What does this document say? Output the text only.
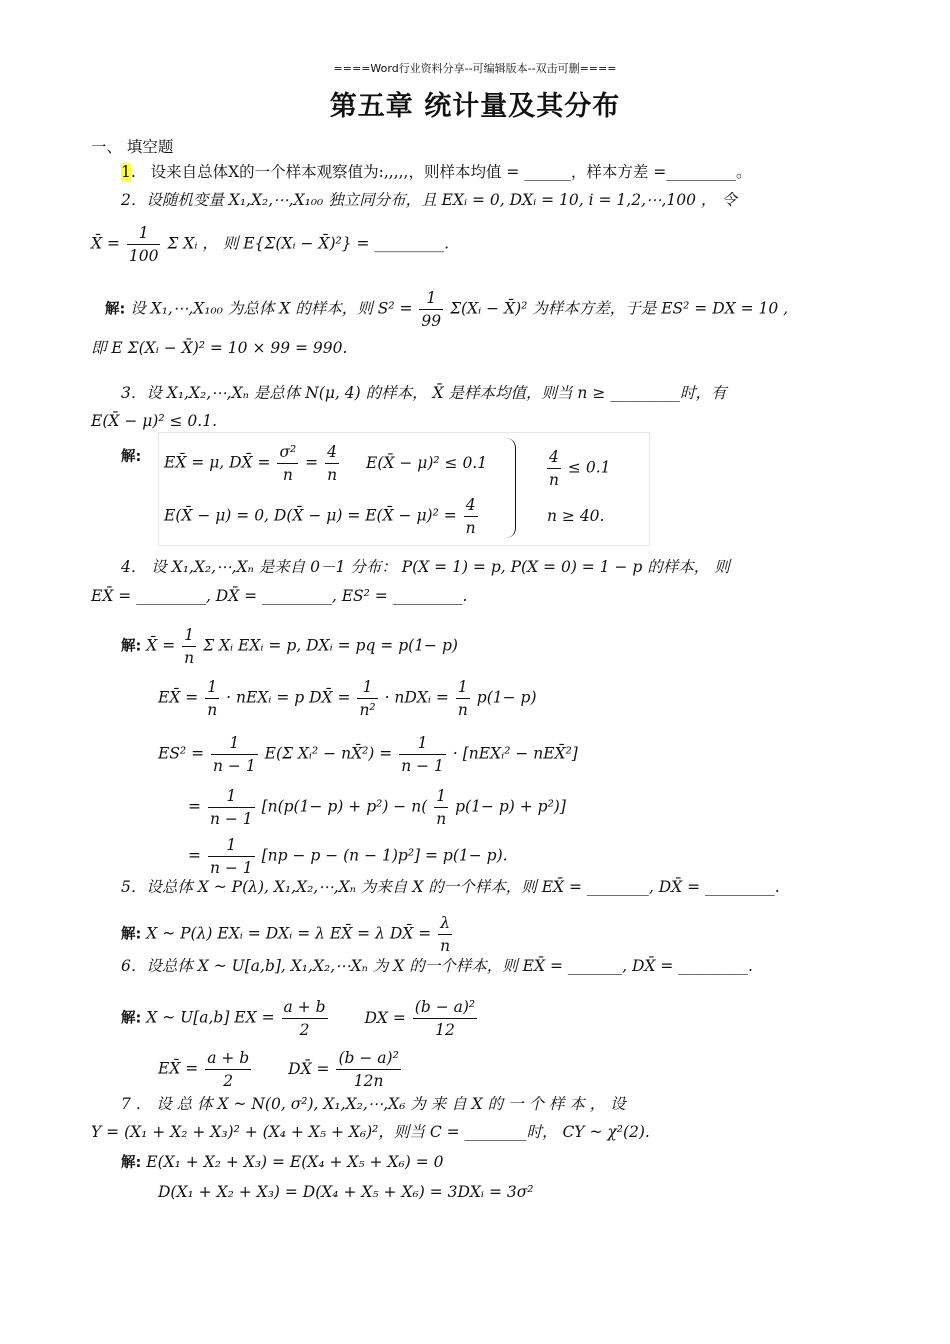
====Word行业资料分享--可编辑版本--双击可删====
第五章 统计量及其分布
一、 填空题
1.   设来自总体X的一个样本观察值为:,,,,,，则样本均值 = ______，样本方差 =_________。
2．设随机变量 X₁,X₂,⋯,X₁₀₀ 独立同分布，且 EXᵢ = 0, DXᵢ = 10, i = 1,2,⋯,100 ， 令
X̄ = $\frac{1}{100}$ Σ Xᵢ ， 则 E{Σ(Xᵢ − X̄)²} = _________.
解: 设 X₁,⋯,X₁₀₀ 为总体 X 的样本，则 $S^2 = \frac{1}{99}$ Σ(Xᵢ − X̄)² 为样本方差，于是 ES² = DX = 10 ,
即 E Σ(Xᵢ − X̄)² = 10 × 99 = 990.
3．设 X₁,X₂,⋯,Xₙ 是总体 N(μ, 4) 的样本， X̄ 是样本均值，则当 n ≥ _________时，有
E(X̄ − μ)² ≤ 0.1.
解: EX̄ = μ, DX̄ = $\frac{\text{σ²}}{n} = \frac{4}{n}$ E(X̄ − μ)² ≤ 0.1
E(X̄ − μ) = 0, D(X̄ − μ) = E(X̄ − $\mu)^2 = \frac{4}{n}$
$\frac{4}{n} \le 0.1$
n ≥ 40.
4． 设 X₁,X₂,⋯,Xₙ 是来自 0－1 分布： P(X = 1) = p, P(X = 0) = 1 − p 的样本， 则
EX̄ = _________, DX̄ = _________, ES² = _________.
解: X̄ = $\frac{1}{n}$ Σ Xᵢ EXᵢ = p, DXᵢ = pq = p(1− p)
EX̄ = $\frac{1}{n}$ · nEXᵢ = p DX̄ = $\frac{1}{\text{n²}}$ · nDXᵢ = $\frac{1}{n} p(1- p)$
$ES^2 = \frac{1}{n - 1} E(\Sigma$ Xᵢ² − nX̄²) = $\frac{1}{n - 1}$ · [nEXᵢ² − nEX̄²]
= $\frac{1}{n - 1} [n(p(1- p) + p^2) - n( \frac{1}{n} p(1- p) + p^2)]$
= $\frac{1}{n - 1} [np - p - (n - 1)p^2] = p(1- p)$.
5．设总体 X ~ P(λ), X₁,X₂,⋯,Xₙ 为来自 X 的一个样本，则 EX̄ = ________, DX̄ = _________.
解: X ~ P(λ) EXᵢ = DXᵢ = λ EX̄ = λ DX̄ = $\frac{\lambda}{n}$
6．设总体 X ~ U[a,b], X₁,X₂,⋯Xₙ 为 X 的一个样本，则 EX̄ = _______, DX̄ = _________.
解: X ~ U[a,b] EX = $\frac{a + b}{2}$ DX = $\frac{\text{(b − a)²}}{12}$
EX̄ = $\frac{a + b}{2}$ DX̄ = $\frac{\text{(b − a)²}}{12n}$
7 ． 设 总 体 X ~ N(0, σ²), X₁,X₂,⋯,X₆ 为 来 自 X 的 一 个 样 本 ， 设
Y = (X₁ + X₂ + X₃)² + (X₄ + X₅ + X₆)²，则当 C = ________时， CY ~ χ²(2).
解: E(X₁ + X₂ + X₃) = E(X₄ + X₅ + X₆) = 0
D(X₁ + X₂ + X₃) = D(X₄ + X₅ + X₆) = 3DXᵢ = 3σ²
